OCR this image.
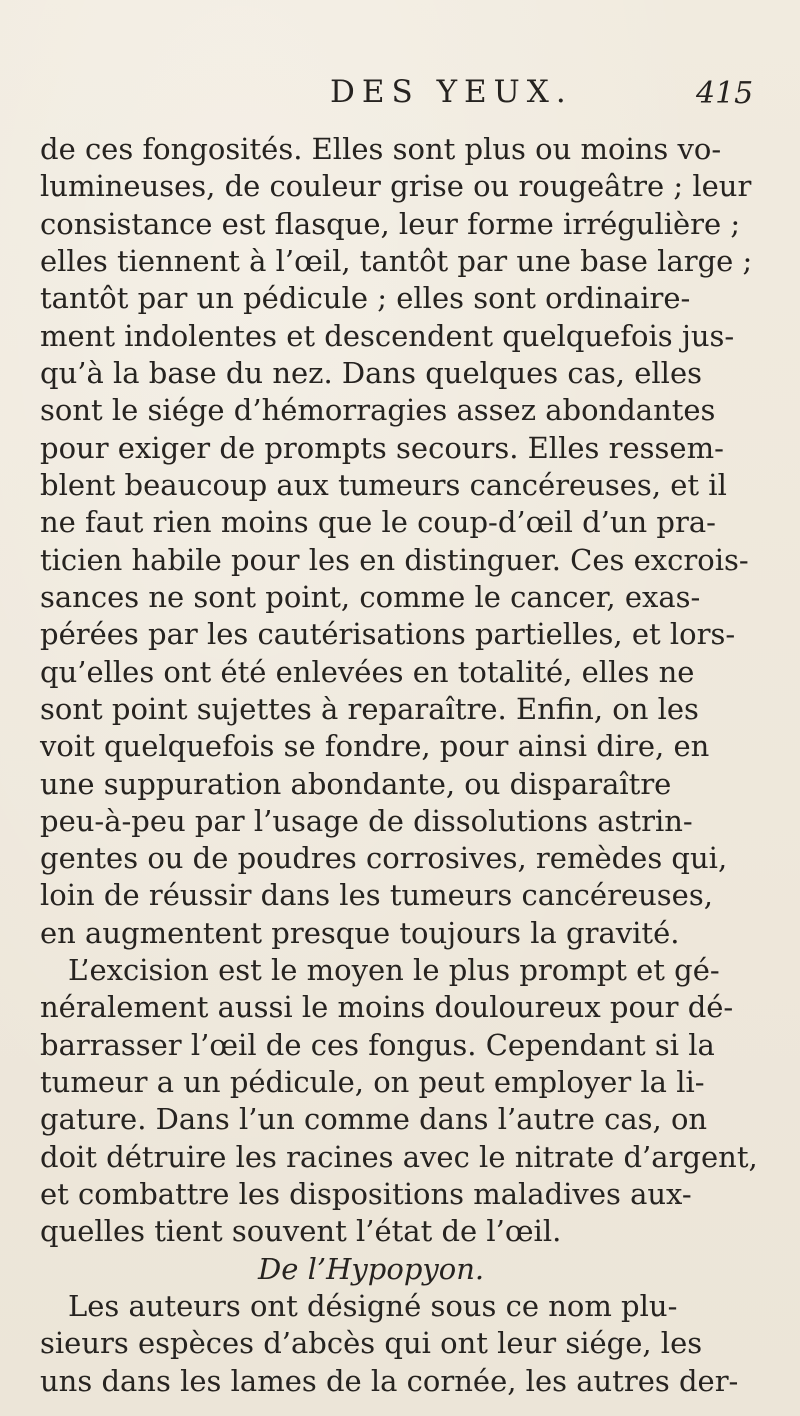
DES YEUX.	415
de ces fongosités. Elles sont plus ou moins vo-
lumineuses, de couleur grise ou rougeâtre ; leur
consistance est flasque, leur forme irrégulière ;
elles tiennent à l’œil, tantôt par une base large ;
tantôt par un pédicule ; elles sont ordinaire-
ment indolentes et descendent quelquefois jus-
qu’à la base du nez. Dans quelques cas, elles
sont le siége d’hémorragies assez abondantes
pour exiger de prompts secours. Elles ressem-
blent beaucoup aux tumeurs cancéreuses, et il
ne faut rien moins que le coup-d’œil d’un pra-
ticien habile pour les en distinguer. Ces excrois-
sances ne sont point, comme le cancer, exas-
pérées par les cautérisations partielles, et lors-
qu’elles ont été enlevées en totalité, elles ne
sont point sujettes à reparaître. Enfin, on les
voit quelquefois se fondre, pour ainsi dire, en
une suppuration abondante, ou disparaître
peu-à-peu par l’usage de dissolutions astrin-
gentes ou de poudres corrosives, remèdes qui,
loin de réussir dans les tumeurs cancéreuses,
en augmentent presque toujours la gravité.
L’excision est le moyen le plus prompt et gé-
néralement aussi le moins douloureux pour dé-
barrasser l’œil de ces fongus. Cependant si la
tumeur a un pédicule, on peut employer la li-
gature. Dans l’un comme dans l’autre cas, on
doit détruire les racines avec le nitrate d’argent,
et combattre les dispositions maladives aux-
quelles tient souvent l’état de l’œil.
De l’Hypopyon.
Les auteurs ont désigné sous ce nom plu-
sieurs espèces d’abcès qui ont leur siége, les
uns dans les lames de la cornée, les autres der-
